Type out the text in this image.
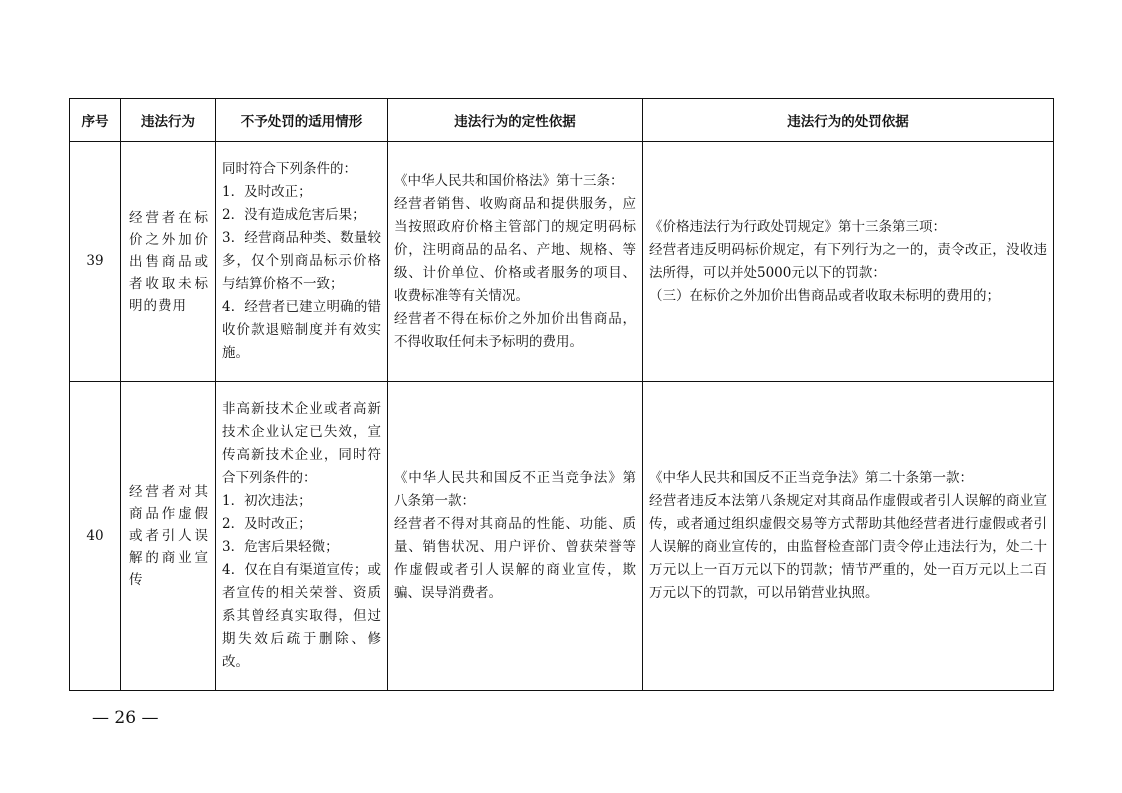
序号	违法行为	不予处罚的适用情形	违法行为的定性依据	违法行为的处罚依据
39	经营者在标价之外加价出售商品或者收取未标明的费用	同时符合下列条件的：
1．及时改正；
2．没有造成危害后果；
3．经营商品种类、数量较多，仅个别商品标示价格与结算价格不一致；
4．经营者已建立明确的错收价款退赔制度并有效实施。	《中华人民共和国价格法》第十三条：
经营者销售、收购商品和提供服务，应当按照政府价格主管部门的规定明码标价，注明商品的品名、产地、规格、等级、计价单位、价格或者服务的项目、收费标准等有关情况。
经营者不得在标价之外加价出售商品，不得收取任何未予标明的费用。	《价格违法行为行政处罚规定》第十三条第三项：
经营者违反明码标价规定，有下列行为之一的，责令改正，没收违法所得，可以并处5000元以下的罚款：
（三）在标价之外加价出售商品或者收取未标明的费用的；

40	经营者对其商品作虚假或者引人误解的商业宣传	非高新技术企业或者高新技术企业认定已失效，宣传高新技术企业，同时符合下列条件的：
1．初次违法；
2．及时改正；
3．危害后果轻微；
4．仅在自有渠道宣传；或者宣传的相关荣誉、资质系其曾经真实取得，但过期失效后疏于删除、修改。	《中华人民共和国反不正当竞争法》第八条第一款：
经营者不得对其商品的性能、功能、质量、销售状况、用户评价、曾获荣誉等作虚假或者引人误解的商业宣传，欺骗、误导消费者。	《中华人民共和国反不正当竞争法》第二十条第一款：
经营者违反本法第八条规定对其商品作虚假或者引人误解的商业宣传，或者通过组织虚假交易等方式帮助其他经营者进行虚假或者引人误解的商业宣传的，由监督检查部门责令停止违法行为，处二十万元以上一百万元以下的罚款；情节严重的，处一百万元以上二百万元以下的罚款，可以吊销营业执照。
— 26 —
